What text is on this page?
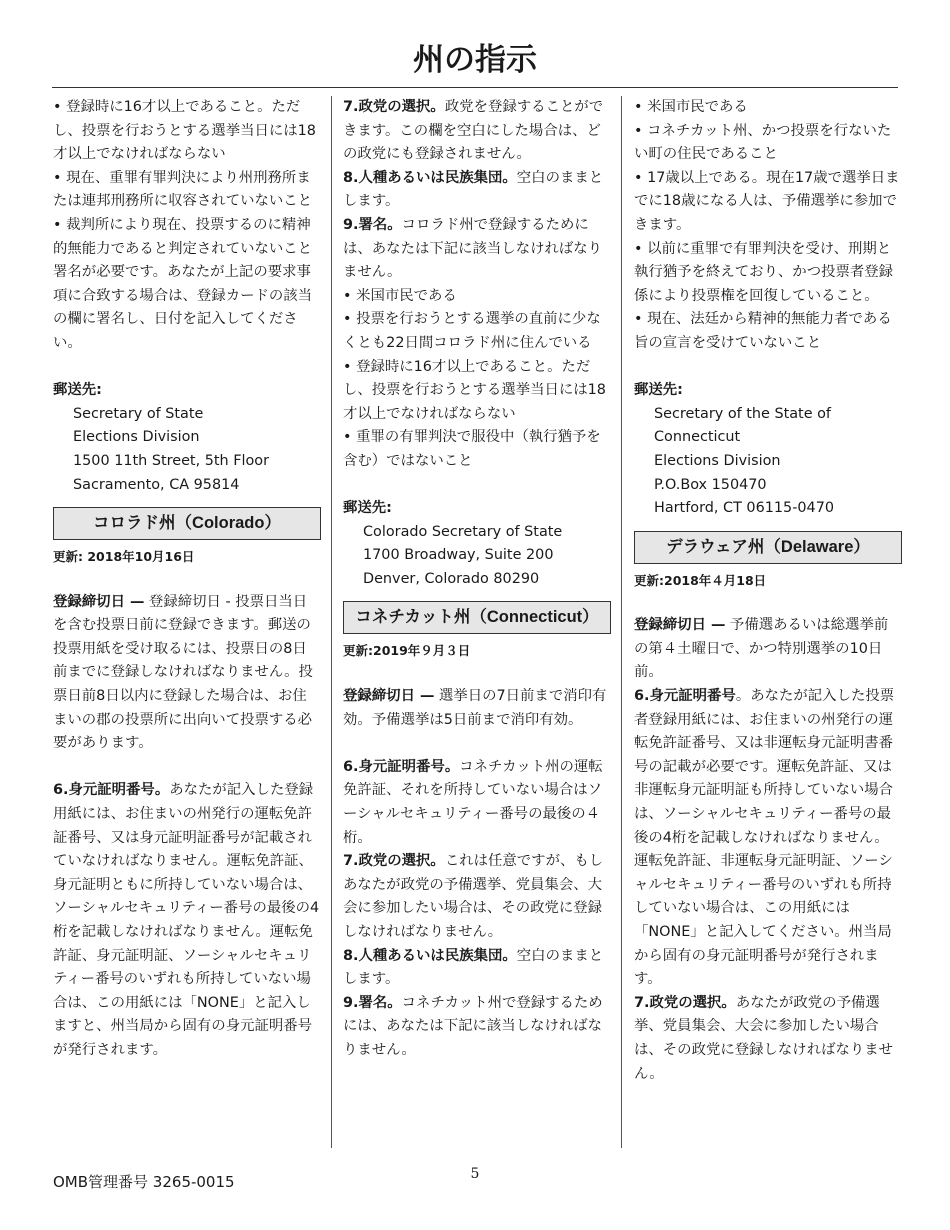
州の指示

• 登録時に16才以上であること。ただし、投票を行おうとする選挙当日には18才以上でなければならない

• 現在、重罪有罪判決により州刑務所または連邦刑務所に収容されていないこと

• 裁判所により現在、投票するのに精神的無能力であると判定されていないこと

署名が必要です。あなたが上記の要求事項に合致する場合は、登録カードの該当の欄に署名し、日付を記入してください。

郵送先:

Secretary of State

Elections Division

1500 11th Street, 5th Floor

Sacramento, CA 95814

コロラド州（Colorado）

更新: 2018年10月16日

登録締切日 — 登録締切日 - 投票日当日を含む投票日前に登録できます。郵送の投票用紙を受け取るには、投票日の8日前までに登録しなければなりません。投票日前8日以内に登録した場合は、お住まいの郡の投票所に出向いて投票する必要があります。

6.身元証明番号。あなたが記入した登録用紙には、お住まいの州発行の運転免許証番号、又は身元証明証番号が記載されていなければなりません。運転免許証、身元証明ともに所持していない場合は、ソーシャルセキュリティー番号の最後の4桁を記載しなければなりません。運転免許証、身元証明証、ソーシャルセキュリティー番号のいずれも所持していない場合は、この用紙には「NONE」と記入しますと、州当局から固有の身元証明番号が発行されます。

7.政党の選択。政党を登録することができます。この欄を空白にした場合は、どの政党にも登録されません。

8.人種あるいは民族集団。空白のままとします。

9.署名。コロラド州で登録するためには、あなたは下記に該当しなければなりません。

• 米国市民である

• 投票を行おうとする選挙の直前に少なくとも22日間コロラド州に住んでいる

• 登録時に16才以上であること。ただし、投票を行おうとする選挙当日には18才以上でなければならない

• 重罪の有罪判決で服役中（執行猶予を含む）ではないこと

郵送先:

Colorado Secretary of State

1700 Broadway, Suite 200

Denver, Colorado 80290

コネチカット州（Connecticut）

更新:2019年９月３日

登録締切日 — 選挙日の7日前まで消印有効。予備選挙は5日前まで消印有効。

6.身元証明番号。コネチカット州の運転免許証、それを所持していない場合はソーシャルセキュリティー番号の最後の４桁。

7.政党の選択。これは任意ですが、もしあなたが政党の予備選挙、党員集会、大会に参加したい場合は、その政党に登録しなければなりません。

8.人種あるいは民族集団。空白のままとします。

9.署名。コネチカット州で登録するためには、あなたは下記に該当しなければなりません。

• 米国市民である

• コネチカット州、かつ投票を行ないたい町の住民であること

• 17歳以上である。現在17歳で選挙日までに18歳になる人は、予備選挙に参加できます。

• 以前に重罪で有罪判決を受け、刑期と 執行猶予を終えており、かつ投票者登録係により投票権を回復していること。

• 現在、法廷から精神的無能力者である旨の宣言を受けていないこと

郵送先:

Secretary of the State of

Connecticut

Elections Division

P.O.Box 150470

Hartford, CT 06115-0470

デラウェア州（Delaware）

更新:2018年４月18日

登録締切日 — 予備選あるいは総選挙前の第４土曜日で、かつ特別選挙の10日前。

6.身元証明番号。あなたが記入した投票者登録用紙には、お住まいの州発行の運転免許証番号、又は非運転身元証明書番号の記載が必要です。運転免許証、又は非運転身元証明証も所持していない場合は、ソーシャルセキュリティー番号の最後の4桁を記載しなければなりません。運転免許証、非運転身元証明証、ソーシャルセキュリティー番号のいずれも所持していない場合は、この用紙には「NONE」と記入してください。州当局から固有の身元証明番号が発行されます。

7.政党の選択。あなたが政党の予備選挙、党員集会、大会に参加したい場合は、その政党に登録しなければなりません。

OMB管理番号 3265-0015	5
